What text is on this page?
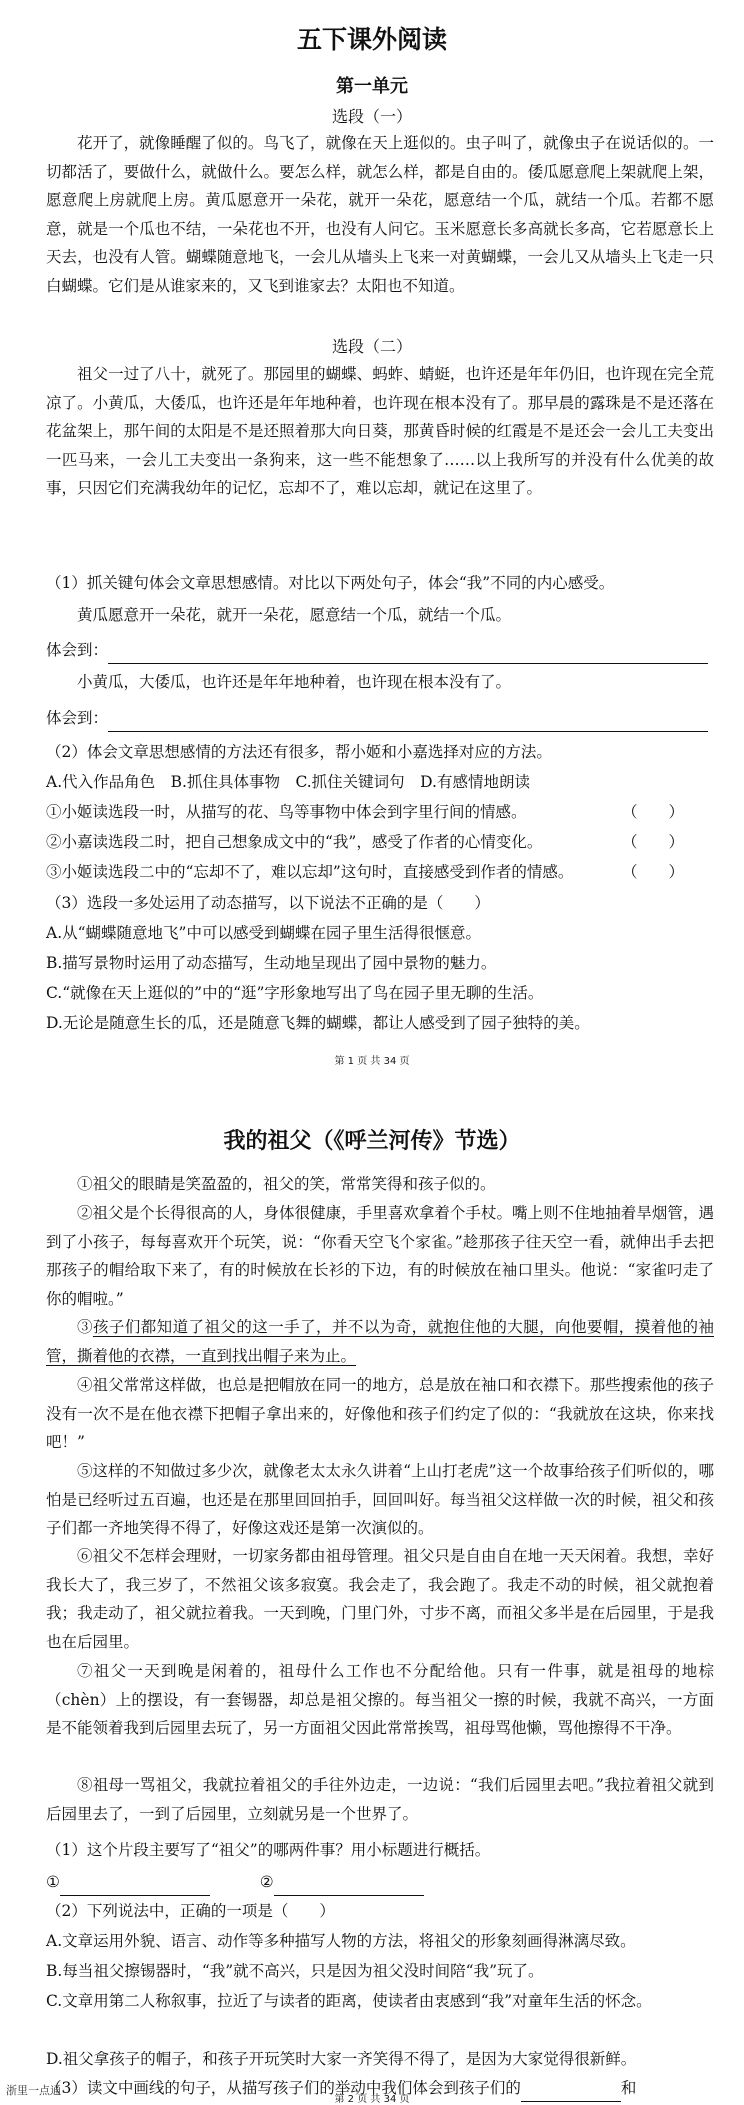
五下课外阅读
第一单元
选段（一）

花开了，就像睡醒了似的。鸟飞了，就像在天上逛似的。虫子叫了，就像虫子在说话似的。一切都活了，要做什么，就做什么。要怎么样，就怎么样，都是自由的。倭瓜愿意爬上架就爬上架，愿意爬上房就爬上房。黄瓜愿意开一朵花，就开一朵花，愿意结一个瓜，就结一个瓜。若都不愿意，就是一个瓜也不结，一朵花也不开，也没有人问它。玉米愿意长多高就长多高，它若愿意长上天去，也没有人管。蝴蝶随意地飞，一会儿从墙头上飞来一对黄蝴蝶，一会儿又从墙头上飞走一只白蝴蝶。它们是从谁家来的，又飞到谁家去？太阳也不知道。

选段（二）

祖父一过了八十，就死了。那园里的蝴蝶、蚂蚱、蜻蜓，也许还是年年仍旧，也许现在完全荒凉了。小黄瓜，大倭瓜，也许还是年年地种着，也许现在根本没有了。那早晨的露珠是不是还落在花盆架上，那午间的太阳是不是还照着那大向日葵，那黄昏时候的红霞是不是还会一会儿工夫变出一匹马来，一会儿工夫变出一条狗来，这一些不能想象了……以上我所写的并没有什么优美的故事，只因它们充满我幼年的记忆，忘却不了，难以忘却，就记在这里了。

（1）抓关键句体会文章思想感情。对比以下两处句子，体会“我”不同的内心感受。
黄瓜愿意开一朵花，就开一朵花，愿意结一个瓜，就结一个瓜。
体会到：
小黄瓜，大倭瓜，也许还是年年地种着，也许现在根本没有了。
体会到：
（2）体会文章思想感情的方法还有很多，帮小姬和小嘉选择对应的方法。
A.代入作品角色　B.抓住具体事物　C.抓住关键词句　D.有感情地朗读
①小姬读选段一时，从描写的花、鸟等事物中体会到字里行间的情感。	（　　）
②小嘉读选段二时，把自己想象成文中的“我”，感受了作者的心情变化。	（　　）
③小姬读选段二中的“忘却不了，难以忘却”这句时，直接感受到作者的情感。	（　　）
（3）选段一多处运用了动态描写，以下说法不正确的是（　　）
A.从“蝴蝶随意地飞”中可以感受到蝴蝶在园子里生活得很惬意。
B.描写景物时运用了动态描写，生动地呈现出了园中景物的魅力。
C.“就像在天上逛似的”中的“逛”字形象地写出了鸟在园子里无聊的生活。
D.无论是随意生长的瓜，还是随意飞舞的蝴蝶，都让人感受到了园子独特的美。
第 1 页 共 34 页
我的祖父（《呼兰河传》节选）

①祖父的眼睛是笑盈盈的，祖父的笑，常常笑得和孩子似的。

②祖父是个长得很高的人，身体很健康，手里喜欢拿着个手杖。嘴上则不住地抽着旱烟管，遇到了小孩子，每每喜欢开个玩笑，说：“你看天空飞个家雀。”趁那孩子往天空一看，就伸出手去把那孩子的帽给取下来了，有的时候放在长衫的下边，有的时候放在袖口里头。他说：“家雀叼走了你的帽啦。”

③孩子们都知道了祖父的这一手了，并不以为奇，就抱住他的大腿，向他要帽，摸着他的袖管，撕着他的衣襟，一直到找出帽子来为止。

④祖父常常这样做，也总是把帽放在同一的地方，总是放在袖口和衣襟下。那些搜索他的孩子没有一次不是在他衣襟下把帽子拿出来的，好像他和孩子们约定了似的：“我就放在这块，你来找吧！”

⑤这样的不知做过多少次，就像老太太永久讲着“上山打老虎”这一个故事给孩子们听似的，哪怕是已经听过五百遍，也还是在那里回回拍手，回回叫好。每当祖父这样做一次的时候，祖父和孩子们都一齐地笑得不得了，好像这戏还是第一次演似的。

⑥祖父不怎样会理财，一切家务都由祖母管理。祖父只是自由自在地一天天闲着。我想，幸好我长大了，我三岁了，不然祖父该多寂寞。我会走了，我会跑了。我走不动的时候，祖父就抱着我；我走动了，祖父就拉着我。一天到晚，门里门外，寸步不离，而祖父多半是在后园里，于是我也在后园里。

⑦祖父一天到晚是闲着的，祖母什么工作也不分配给他。只有一件事，就是祖母的地棕（chèn）上的摆设，有一套锡器，却总是祖父擦的。每当祖父一擦的时候，我就不高兴，一方面是不能领着我到后园里去玩了，另一方面祖父因此常常挨骂，祖母骂他懒，骂他擦得不干净。

⑧祖母一骂祖父，我就拉着祖父的手往外边走，一边说：“我们后园里去吧。”我拉着祖父就到后园里去了，一到了后园里，立刻就另是一个世界了。

（1）这个片段主要写了“祖父”的哪两件事？用小标题进行概括。
①	②
（2）下列说法中，正确的一项是（　　）
A.文章运用外貌、语言、动作等多种描写人物的方法，将祖父的形象刻画得淋漓尽致。
B.每当祖父擦锡器时，“我”就不高兴，只是因为祖父没时间陪“我”玩了。

C.文章用第二人称叙事，拉近了与读者的距离，使读者由衷感到“我”对童年生活的怀念。

D.祖父拿孩子的帽子，和孩子开玩笑时大家一齐笑得不得了，是因为大家觉得很新鲜。
（3）读文中画线的句子，从描写孩子们的举动中我们体会到孩子们的	和
浙里一点通
第 2 页 共 34 页
